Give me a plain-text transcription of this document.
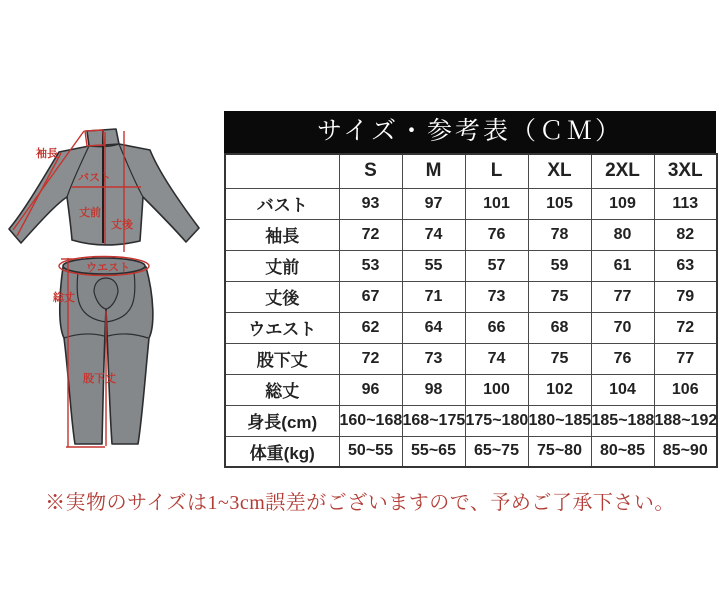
袖長
バスト
丈前
丈後
ウエスト
総丈
股下丈
サイズ・参考表（ＣＭ）
	S	M	L	XL	2XL	3XL
バスト	93	97	101	105	109	113
袖長	72	74	76	78	80	82
丈前	53	55	57	59	61	63
丈後	67	71	73	75	77	79
ウエスト	62	64	66	68	70	72
股下丈	72	73	74	75	76	77
総丈	96	98	100	102	104	106
身長(cm)	160~168	168~175	175~180	180~185	185~188	188~192
体重(kg)	50~55	55~65	65~75	75~80	80~85	85~90
※実物のサイズは1~3cm誤差がございますので、予めご了承下さい。
